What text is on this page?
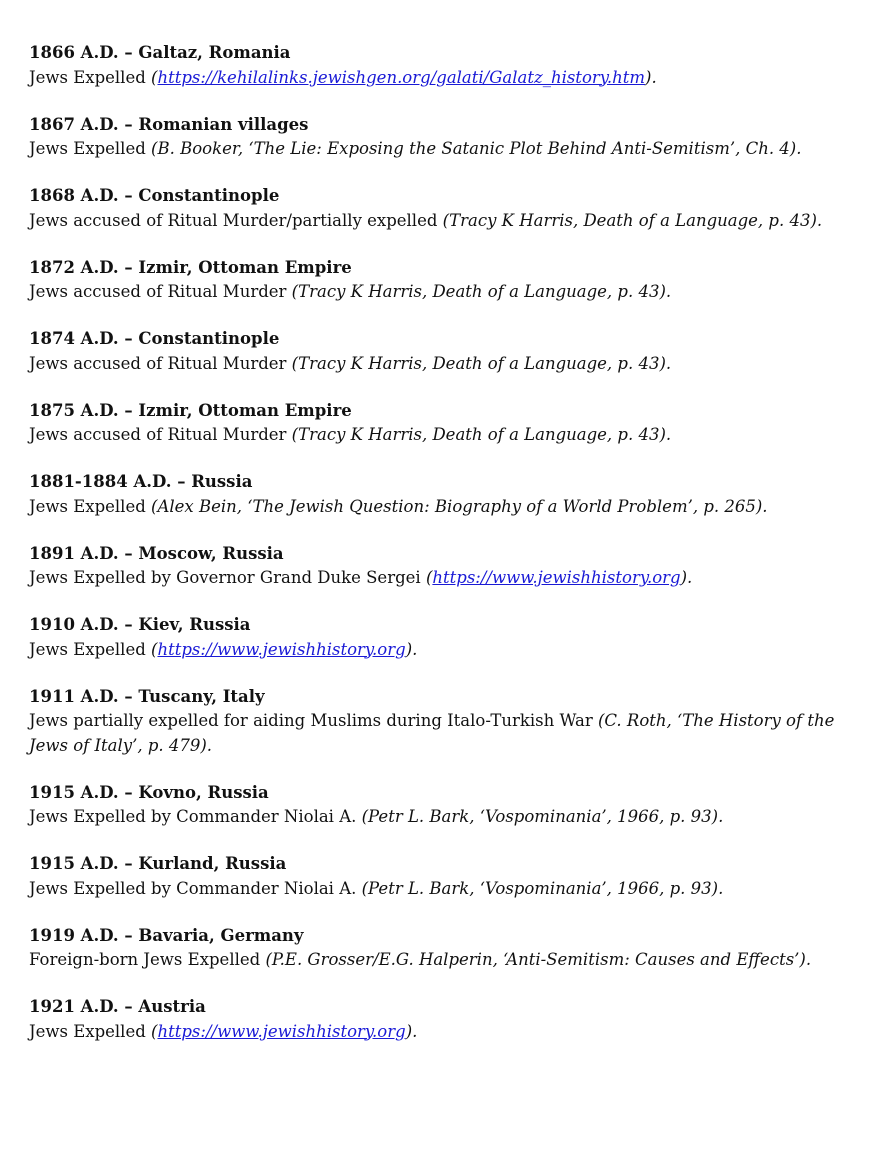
1866 A.D. – Galtaz, Romania
Jews Expelled (https://kehilalinks.jewishgen.org/galati/Galatz_history.htm).
1867 A.D. – Romanian villages
Jews Expelled (B. Booker, ‘The Lie: Exposing the Satanic Plot Behind Anti-Semitism’, Ch. 4).
1868 A.D. – Constantinople
Jews accused of Ritual Murder/partially expelled (Tracy K Harris, Death of a Language, p. 43).
1872 A.D. – Izmir, Ottoman Empire
Jews accused of Ritual Murder (Tracy K Harris, Death of a Language, p. 43).
1874 A.D. – Constantinople
Jews accused of Ritual Murder (Tracy K Harris, Death of a Language, p. 43).
1875 A.D. – Izmir, Ottoman Empire
Jews accused of Ritual Murder (Tracy K Harris, Death of a Language, p. 43).
1881-1884 A.D. – Russia
Jews Expelled (Alex Bein, ‘The Jewish Question: Biography of a World Problem’, p. 265).
1891 A.D. – Moscow, Russia
Jews Expelled by Governor Grand Duke Sergei (https://www.jewishhistory.org).
1910 A.D. – Kiev, Russia
Jews Expelled (https://www.jewishhistory.org).
1911 A.D. – Tuscany, Italy
Jews partially expelled for aiding Muslims during Italo-Turkish War (C. Roth, ‘The History of the Jews of Italy’, p. 479).
1915 A.D. – Kovno, Russia
Jews Expelled by Commander Niolai A. (Petr L. Bark, ‘Vospominania’, 1966, p. 93).
1915 A.D. – Kurland, Russia
Jews Expelled by Commander Niolai A. (Petr L. Bark, ‘Vospominania’, 1966, p. 93).
1919 A.D. – Bavaria, Germany
Foreign-born Jews Expelled (P.E. Grosser/E.G. Halperin, ‘Anti-Semitism: Causes and Effects’).
1921 A.D. – Austria
Jews Expelled (https://www.jewishhistory.org).
